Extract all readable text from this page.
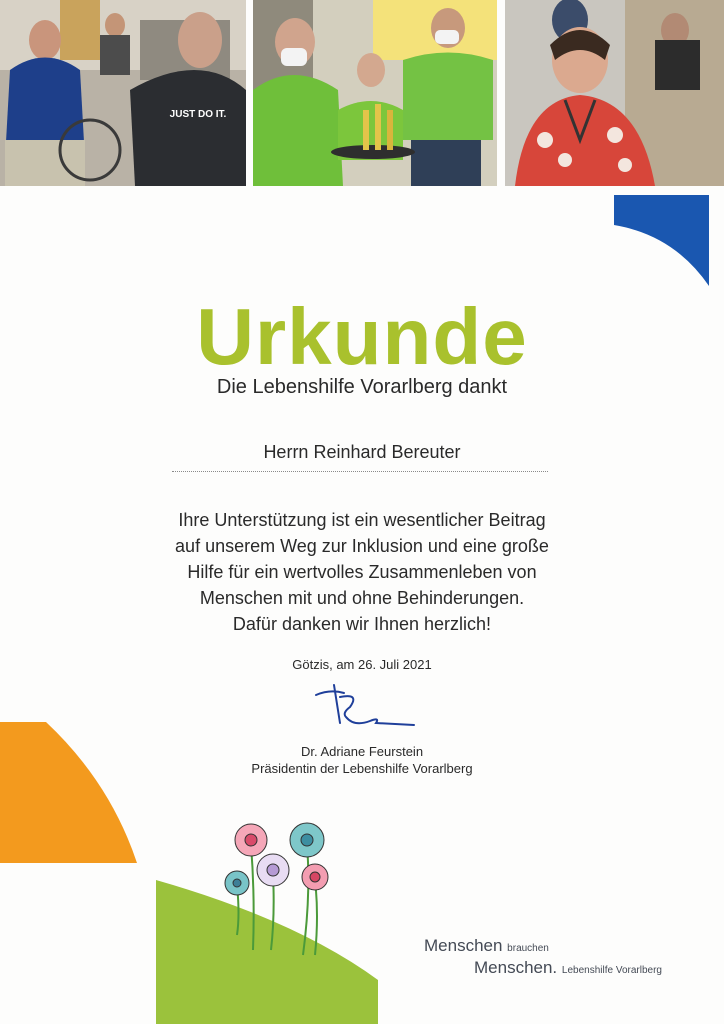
JUST DO IT.
Urkunde
Die Lebenshilfe Vorarlberg dankt
Herrn Reinhard Bereuter
Ihre Unterstützung ist ein wesentlicher Beitrag
auf unserem Weg zur Inklusion und eine große
Hilfe für ein wertvolles Zusammenleben von
Menschen mit und ohne Behinderungen.
Dafür danken wir Ihnen herzlich!
Götzis, am 26. Juli 2021
Dr. Adriane Feurstein
Präsidentin der Lebenshilfe Vorarlberg
Menschen brauchen
Menschen. Lebenshilfe Vorarlberg
